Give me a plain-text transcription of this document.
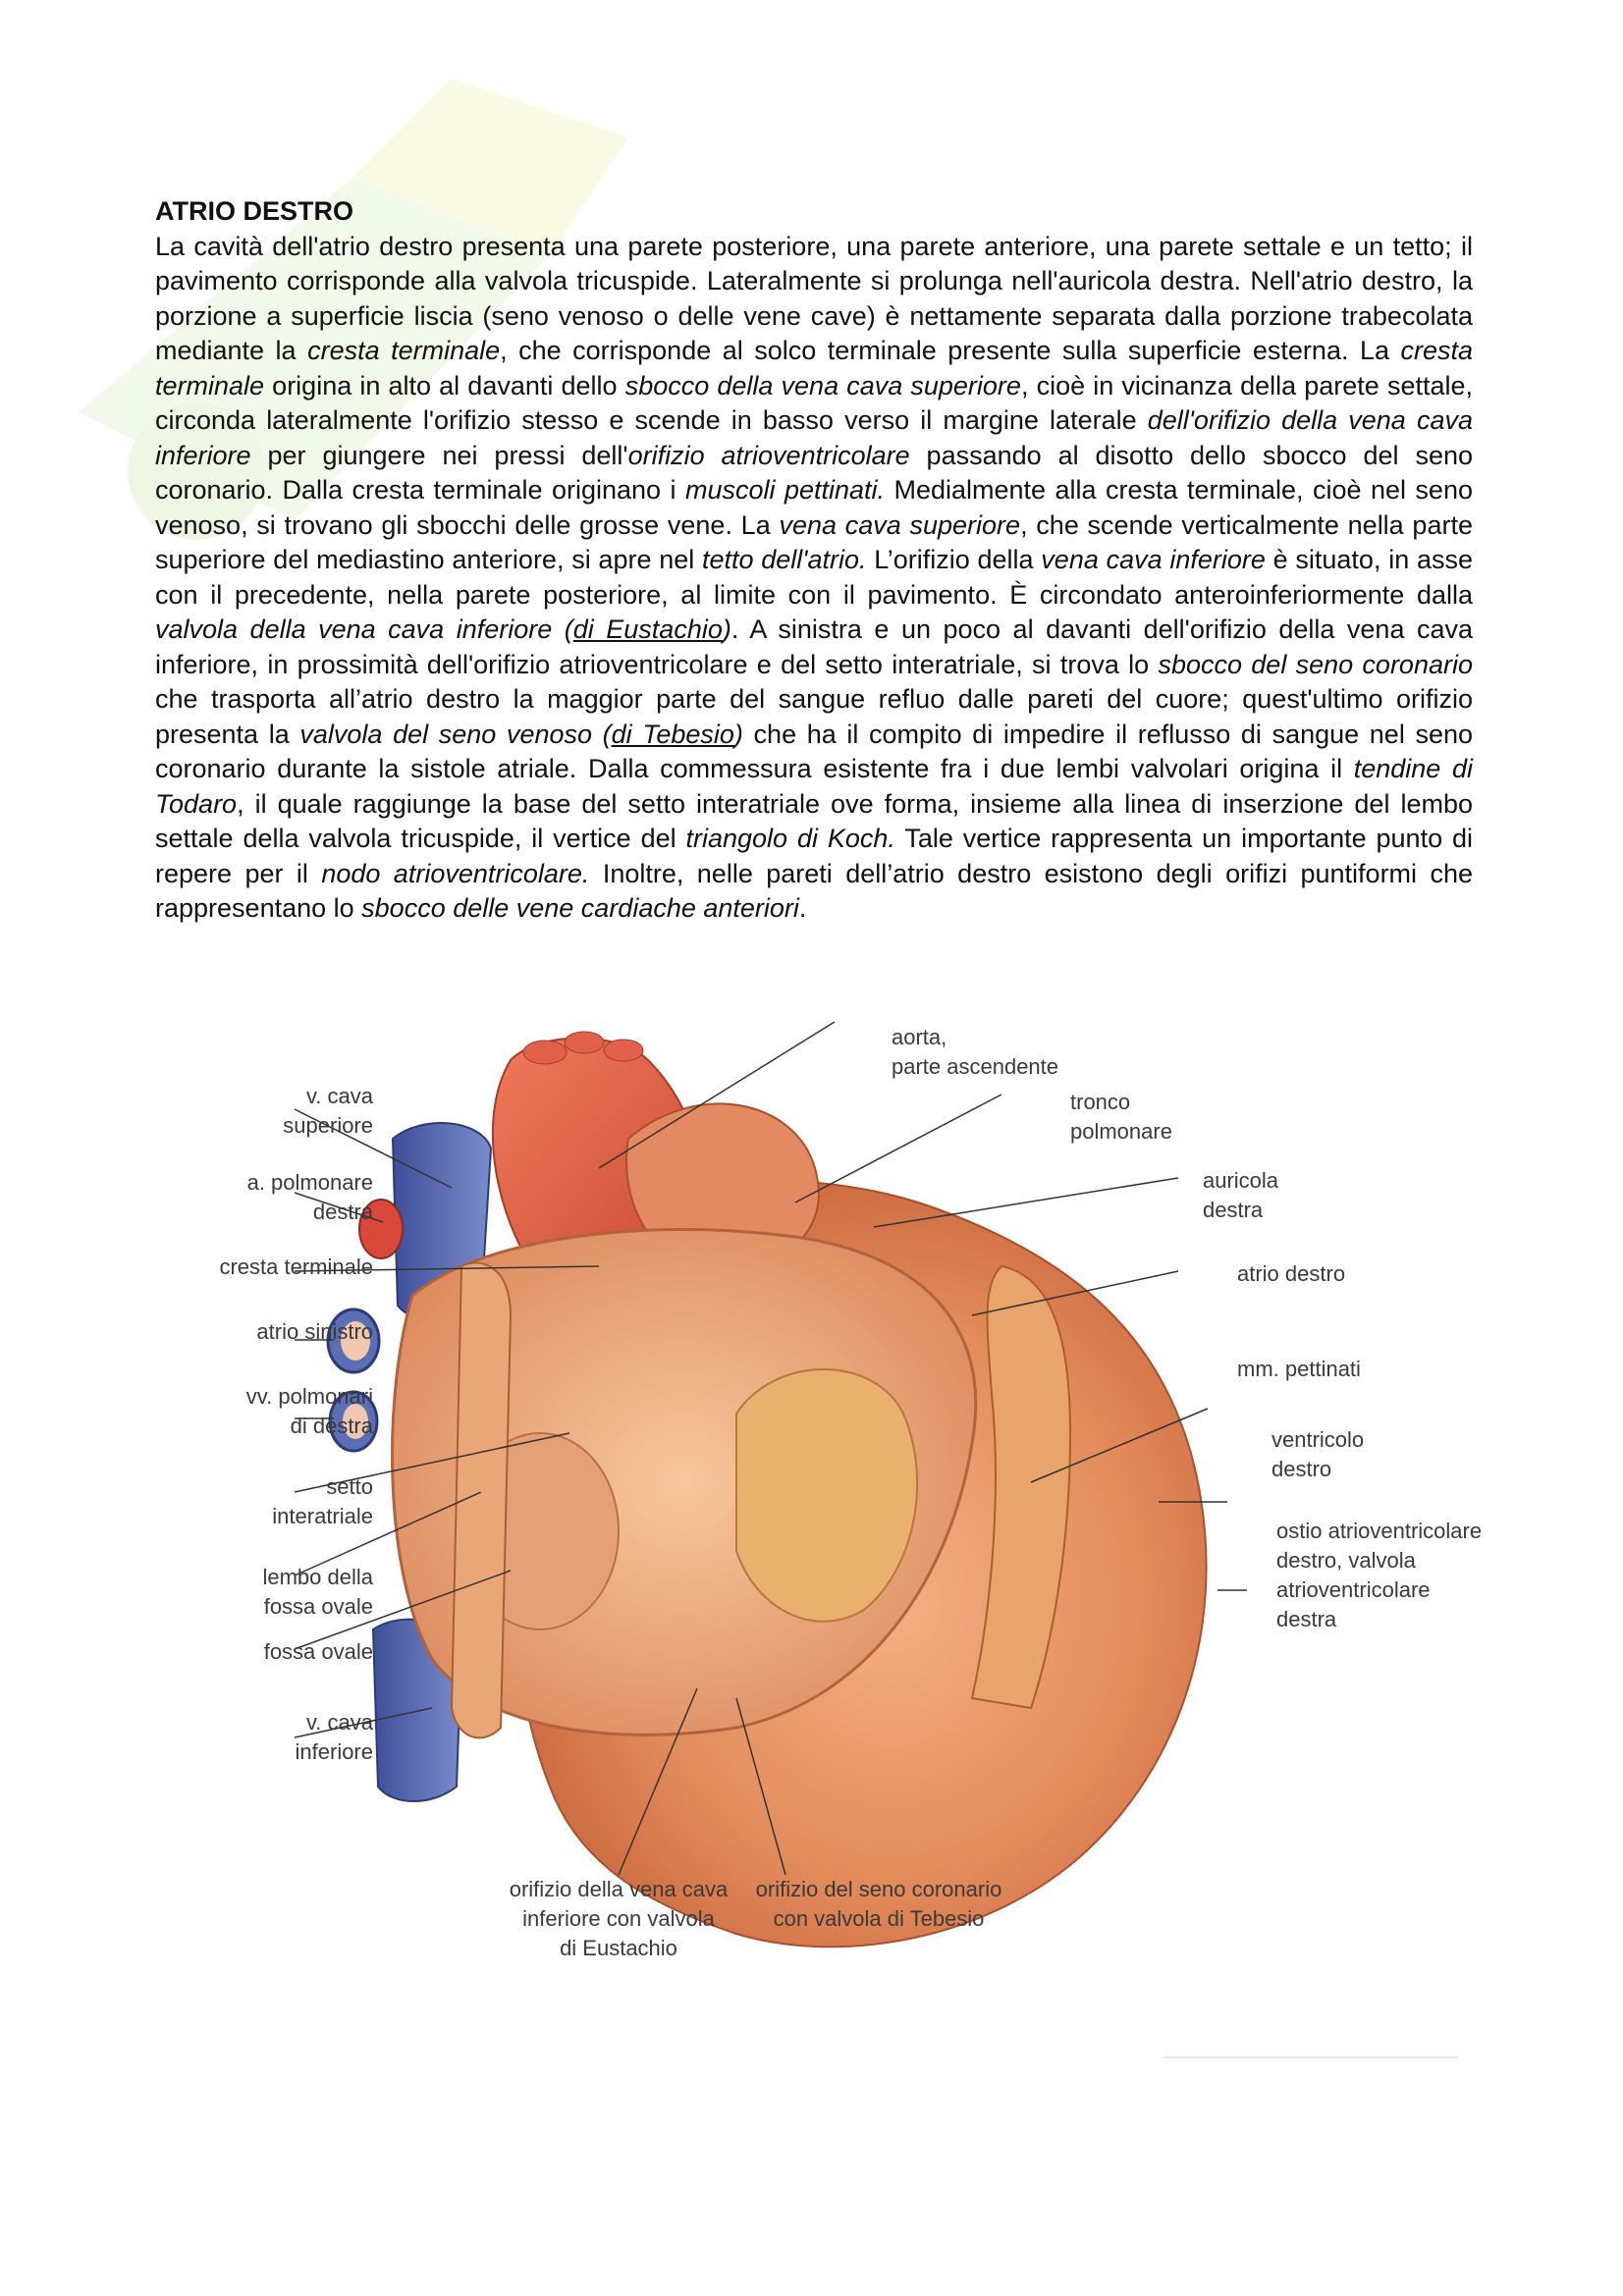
ATRIO DESTRO

La cavità dell'atrio destro presenta una parete posteriore, una parete anteriore, una parete settale e un tetto; il pavimento corrisponde alla valvola tricuspide. Lateralmente si prolunga nell'auricola destra. Nell'atrio destro, la porzione a superficie liscia (seno venoso o delle vene cave) è nettamente separata dalla porzione trabecolata mediante la cresta terminale, che corrisponde al solco terminale presente sulla superficie esterna. La cresta terminale origina in alto al davanti dello sbocco della vena cava superiore, cioè in vicinanza della parete settale, circonda lateralmente l'orifizio stesso e scende in basso verso il margine laterale dell'orifizio della vena cava inferiore per giungere nei pressi dell'orifizio atrioventricolare passando al disotto dello sbocco del seno coronario. Dalla cresta terminale originano i muscoli pettinati. Medialmente alla cresta terminale, cioè nel seno venoso, si trovano gli sbocchi delle grosse vene. La vena cava superiore, che scende verticalmente nella parte superiore del mediastino anteriore, si apre nel tetto dell'atrio. L’orifizio della vena cava inferiore è situato, in asse con il precedente, nella parete posteriore, al limite con il pavimento. È circondato anteroinferiormente dalla valvola della vena cava inferiore (di Eustachio). A sinistra e un poco al davanti dell'orifizio della vena cava inferiore, in prossimità dell'orifizio atrioventricolare e del setto interatriale, si trova lo sbocco del seno coronario che trasporta all’atrio destro la maggior parte del sangue refluo dalle pareti del cuore; quest'ultimo orifizio presenta la valvola del seno venoso (di Tebesio) che ha il compito di impedire il reflusso di sangue nel seno coronario durante la sistole atriale. Dalla commessura esistente fra i due lembi valvolari origina il tendine di Todaro, il quale raggiunge la base del setto interatriale ove forma, insieme alla linea di inserzione del lembo settale della valvola tricuspide, il vertice del triangolo di Koch. Tale vertice rappresenta un importante punto di repere per il nodo atrioventricolare. Inoltre, nelle pareti dell’atrio destro esistono degli orifizi puntiformi che rappresentano lo sbocco delle vene cardiache anteriori.

aorta,
parte ascendente
tronco
polmonare
v. cava
superiore
a. polmonare
destra
cresta terminale
atrio sinistro
vv. polmonari
di destra
setto
interatriale
lembo della
fossa ovale
fossa ovale
v. cava
inferiore
orifizio della vena cava
inferiore con valvola
di Eustachio
orifizio del seno coronario
con valvola di Tebesio
auricola
destra
atrio destro
mm. pettinati
ventricolo
destro
ostio atrioventricolare
destro, valvola
atrioventricolare
destra
